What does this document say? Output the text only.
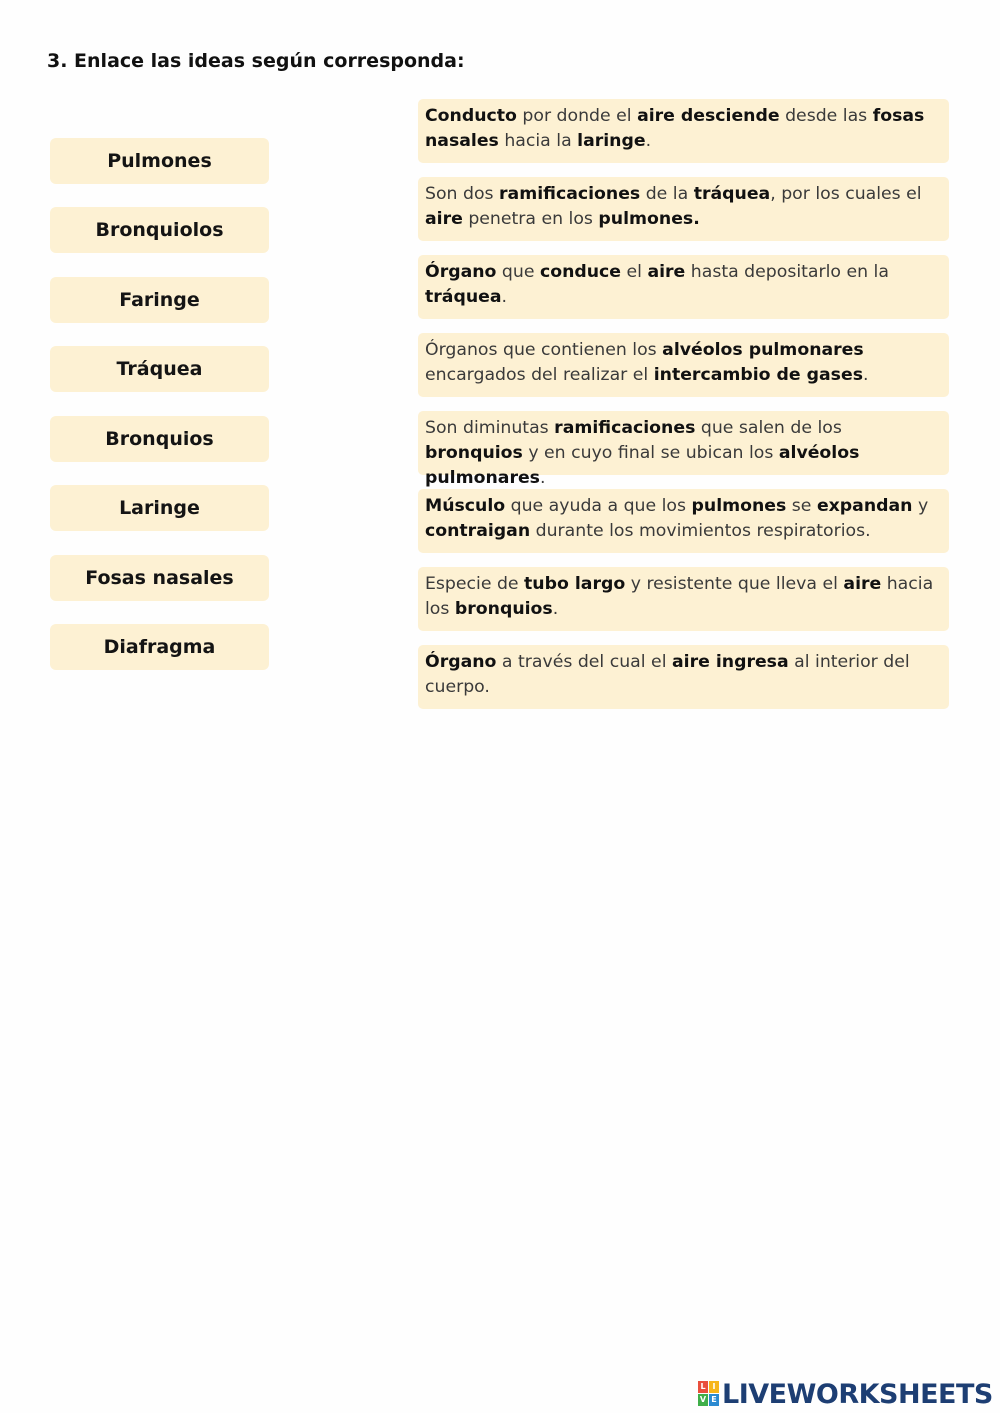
3. Enlace las ideas según corresponda:
Pulmones
Bronquiolos
Faringe
Tráquea
Bronquios
Laringe
Fosas nasales
Diafragma
Conducto por donde el aire desciende desde las fosas nasales hacia la laringe.
Son dos ramificaciones de la tráquea, por los cuales el aire penetra en los pulmones.
Órgano que conduce el aire hasta depositarlo en la tráquea.
Órganos que contienen los alvéolos pulmonares encargados del realizar el intercambio de gases.
Son diminutas ramificaciones que salen de los bronquios y en cuyo final se ubican los alvéolos pulmonares.
Músculo que ayuda a que los pulmones se expandan y contraigan durante los movimientos respiratorios.
Especie de tubo largo y resistente que lleva el aire hacia los bronquios.
Órgano a través del cual el aire ingresa al interior del cuerpo.
L I
V E LIVEWORKSHEETS
